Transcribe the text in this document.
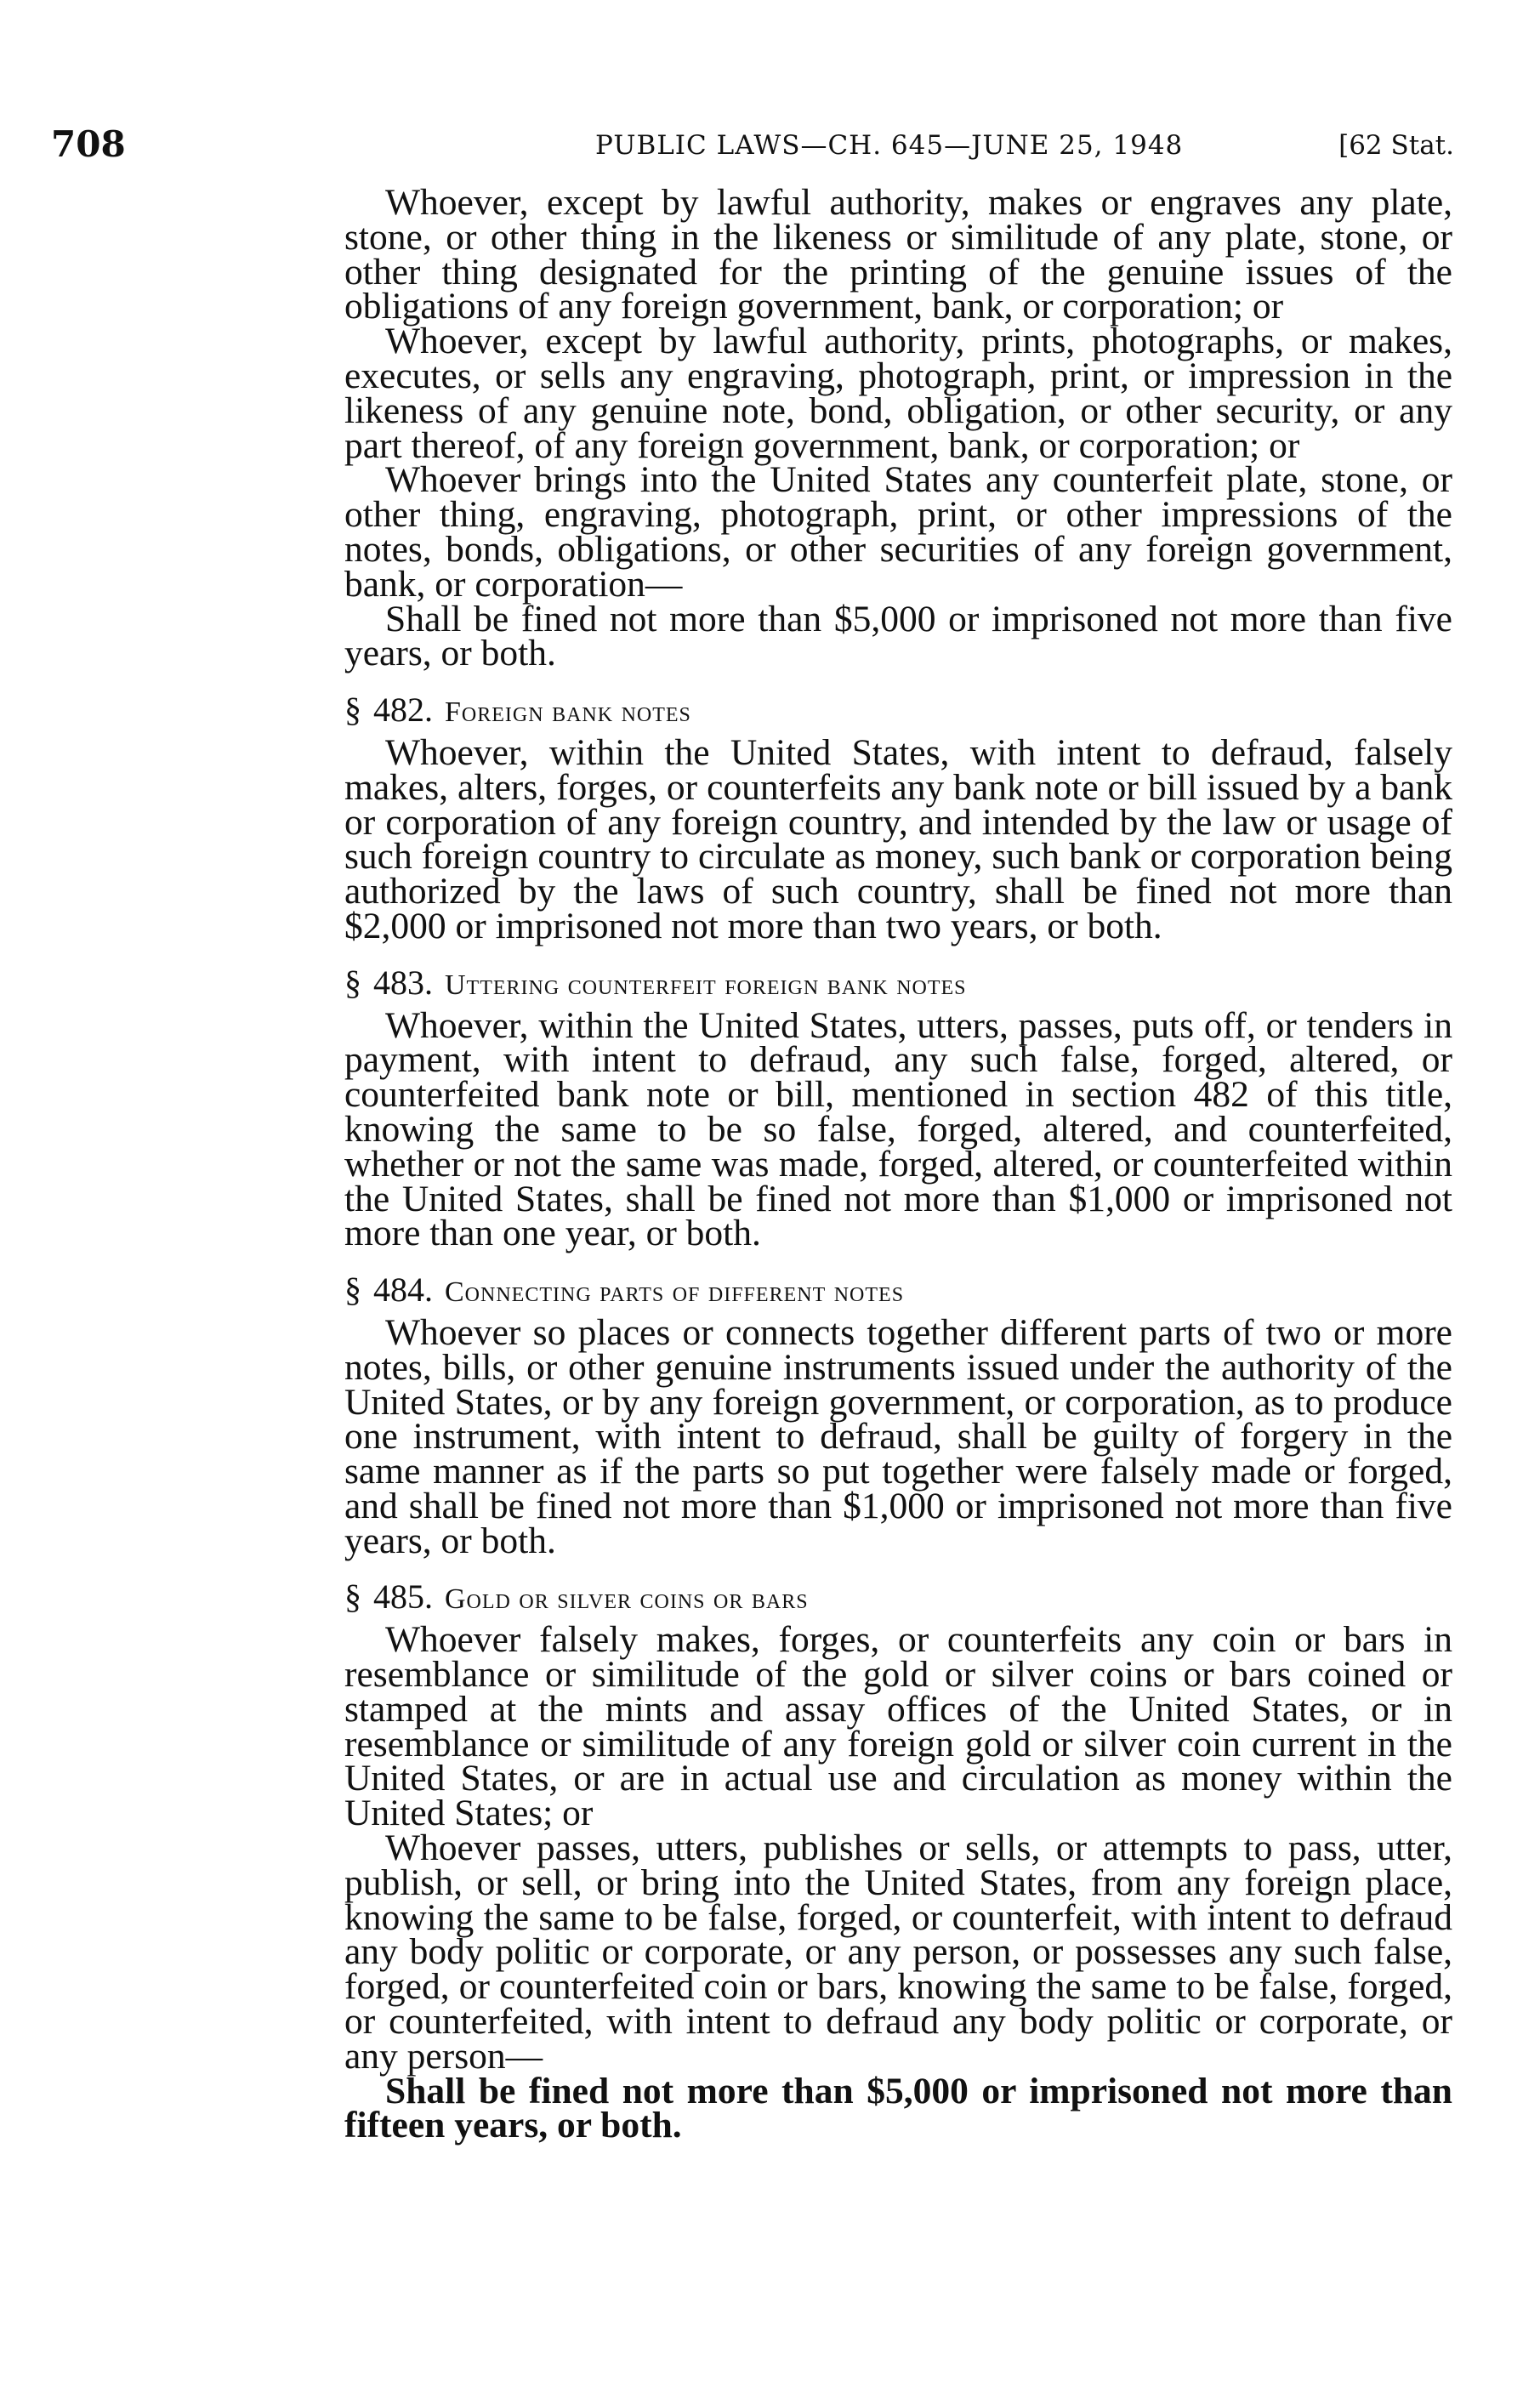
708	PUBLIC LAWS—CH. 645—JUNE 25, 1948	[62 Stat.

Whoever, except by lawful authority, makes or engraves any plate, stone, or other thing in the likeness or similitude of any plate, stone, or other thing designated for the printing of the genuine issues of the obligations of any foreign government, bank, or corporation; or

Whoever, except by lawful authority, prints, photographs, or makes, executes, or sells any engraving, photograph, print, or impression in the likeness of any genuine note, bond, obligation, or other security, or any part thereof, of any foreign government, bank, or corporation; or

Whoever brings into the United States any counterfeit plate, stone, or other thing, engraving, photograph, print, or other impressions of the notes, bonds, obligations, or other securities of any foreign government, bank, or corporation—

Shall be fined not more than $5,000 or imprisoned not more than five years, or both.

§ 482. Foreign bank notes

Whoever, within the United States, with intent to defraud, falsely makes, alters, forges, or counterfeits any bank note or bill issued by a bank or corporation of any foreign country, and intended by the law or usage of such foreign country to circulate as money, such bank or corporation being authorized by the laws of such country, shall be fined not more than $2,000 or imprisoned not more than two years, or both.

§ 483. Uttering counterfeit foreign bank notes

Whoever, within the United States, utters, passes, puts off, or tenders in payment, with intent to defraud, any such false, forged, altered, or counterfeited bank note or bill, mentioned in section 482 of this title, knowing the same to be so false, forged, altered, and counterfeited, whether or not the same was made, forged, altered, or counterfeited within the United States, shall be fined not more than $1,000 or imprisoned not more than one year, or both.

§ 484. Connecting parts of different notes

Whoever so places or connects together different parts of two or more notes, bills, or other genuine instruments issued under the authority of the United States, or by any foreign government, or corporation, as to produce one instrument, with intent to defraud, shall be guilty of forgery in the same manner as if the parts so put together were falsely made or forged, and shall be fined not more than $1,000 or imprisoned not more than five years, or both.

§ 485. Gold or silver coins or bars

Whoever falsely makes, forges, or counterfeits any coin or bars in resemblance or similitude of the gold or silver coins or bars coined or stamped at the mints and assay offices of the United States, or in resemblance or similitude of any foreign gold or silver coin current in the United States, or are in actual use and circulation as money within the United States; or

Whoever passes, utters, publishes or sells, or attempts to pass, utter, publish, or sell, or bring into the United States, from any foreign place, knowing the same to be false, forged, or counterfeit, with intent to defraud any body politic or corporate, or any person, or possesses any such false, forged, or counterfeited coin or bars, knowing the same to be false, forged, or counterfeited, with intent to defraud any body politic or corporate, or any person—

Shall be fined not more than $5,000 or imprisoned not more than fifteen years, or both.
